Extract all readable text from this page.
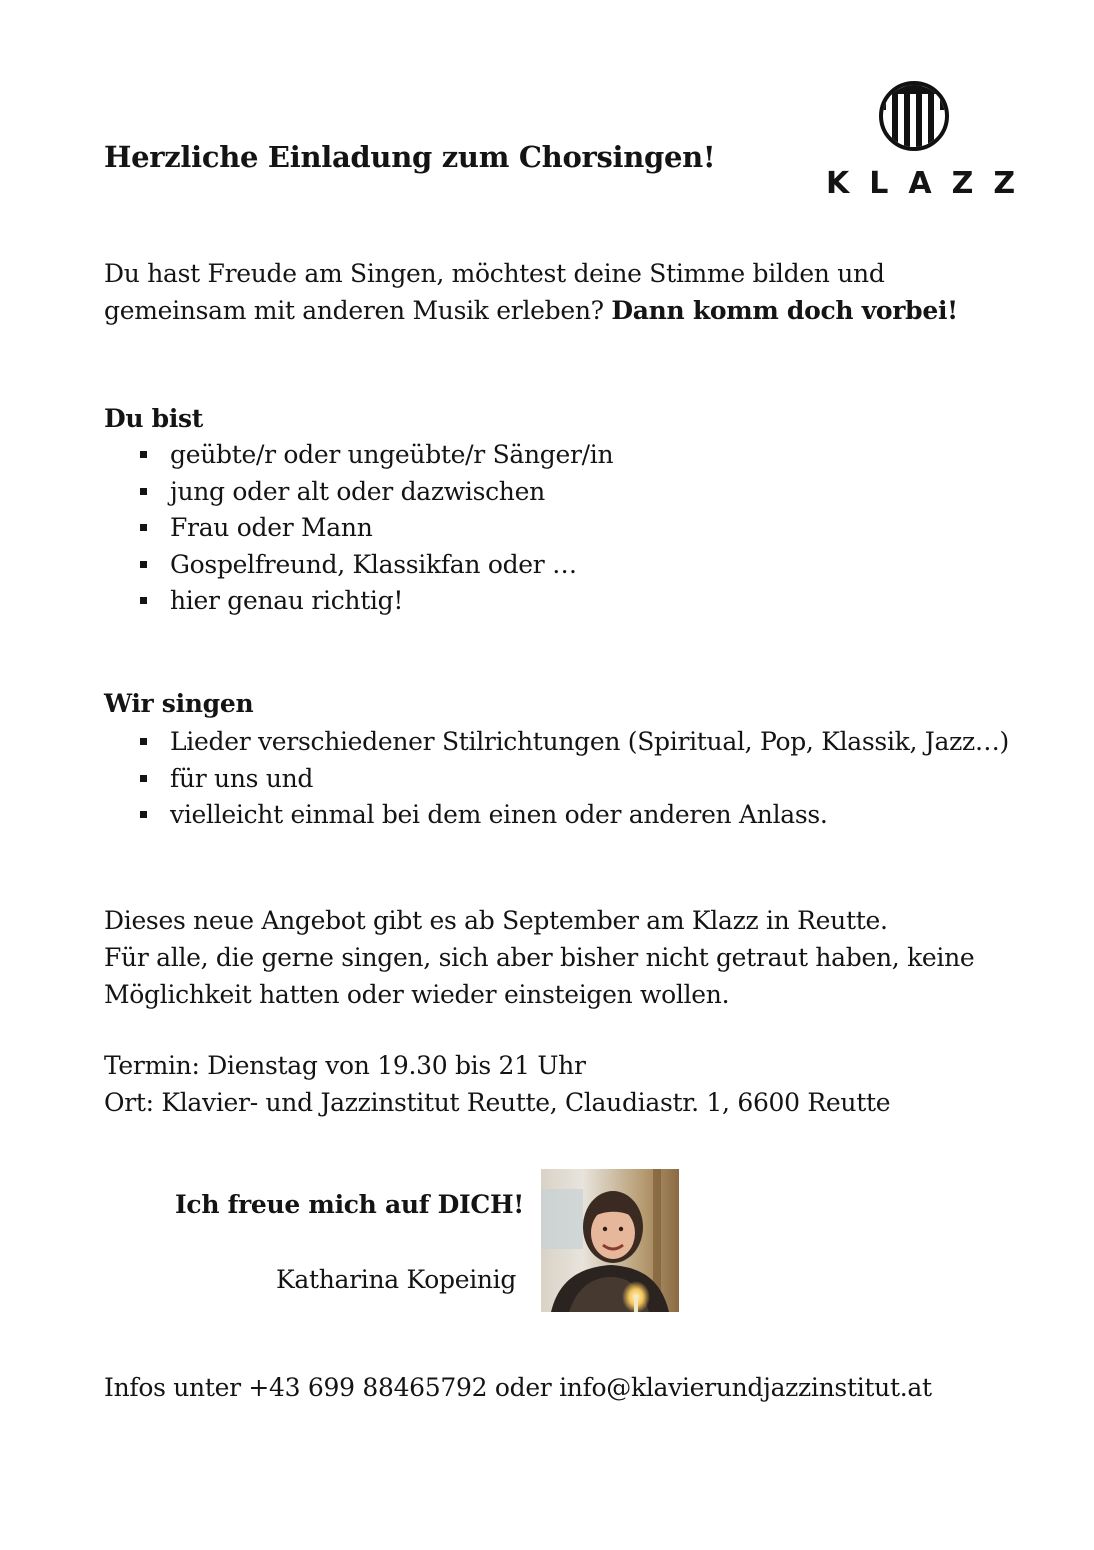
Herzliche Einladung zum Chorsingen!
KLAZZ

Du hast Freude am Singen, möchtest deine Stimme bilden und
gemeinsam mit anderen Musik erleben? Dann komm doch vorbei!

Du bist
geübte/r oder ungeübte/r Sänger/in
jung oder alt oder dazwischen
Frau oder Mann
Gospelfreund, Klassikfan oder …
hier genau richtig!
Wir singen
Lieder verschiedener Stilrichtungen (Spiritual, Pop, Klassik, Jazz…)
für uns und
vielleicht einmal bei dem einen oder anderen Anlass.

Dieses neue Angebot gibt es ab September am Klazz in Reutte.
Für alle, die gerne singen, sich aber bisher nicht getraut haben, keine
Möglichkeit hatten oder wieder einsteigen wollen.

Termin: Dienstag von 19.30 bis 21 Uhr
Ort: Klavier- und Jazzinstitut Reutte, Claudiastr. 1, 6600 Reutte

Ich freue mich auf DICH!
Katharina Kopeinig
Infos unter +43 699 88465792 oder info@klavierundjazzinstitut.at
